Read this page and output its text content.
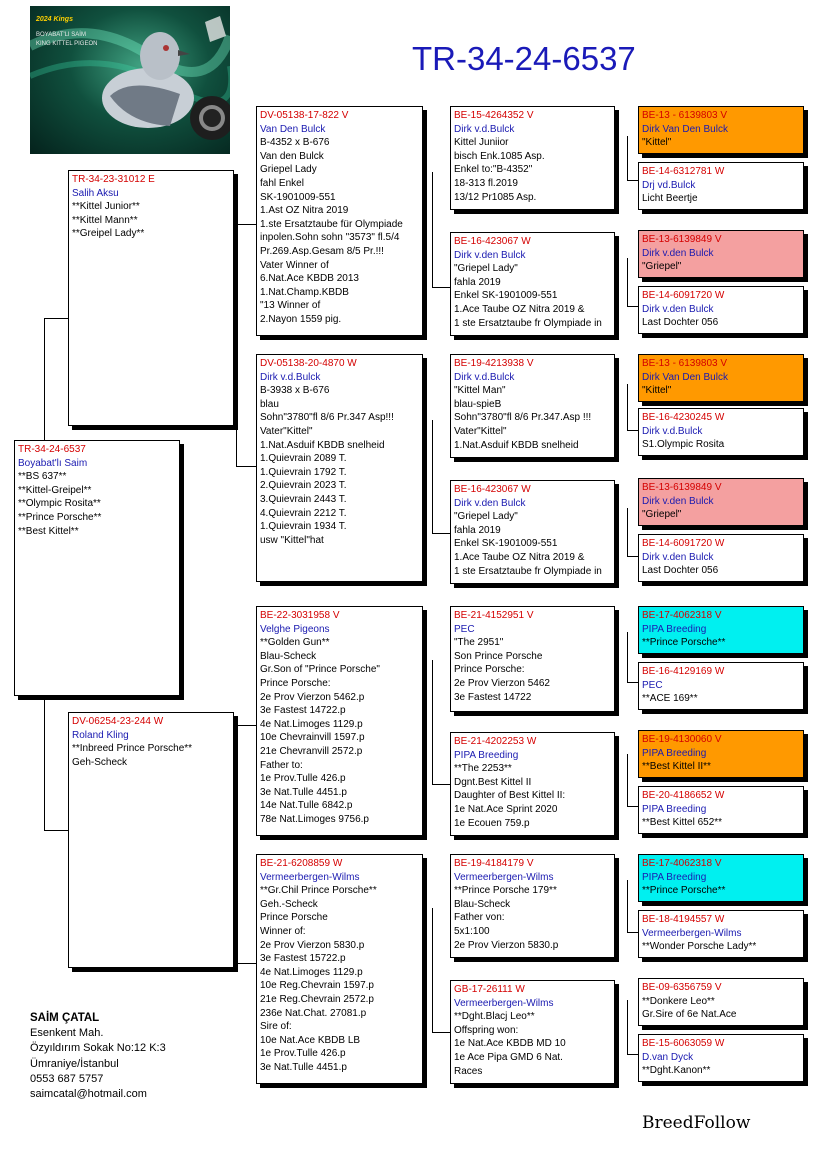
2024 Kings
BOYABAT'LI SAİM
KING KITTEL PIGEON	TR-34-24-6537
TR-34-24-6537
Boyabat'lı Saim
**BS 637**
**Kittel-Greipel**
**Olympic Rosita**
**Prince Porsche**
**Best Kittel**
TR-34-23-31012 E
Salih Aksu
**Kittel Junior**
**Kittel Mann**
**Greipel Lady**
DV-06254-23-244 W
Roland Kling
**Inbreed Prince Porsche**
Geh-Scheck
DV-05138-17-822 V
Van Den Bulck
B-4352 x B-676
Van den Bulck
Griepel Lady
fahl Enkel
SK-1901009-551
1.Ast OZ Nitra 2019
1.ste Ersatztaube für Olympiade
inpolen.Sohn sohn "3573" fl.5/4
Pr.269.Asp.Gesam 8/5 Pr.!!!
Vater Winner of
6.Nat.Ace KBDB 2013
1.Nat.Champ.KBDB
"13 Winner of
2.Nayon 1559 pig.
DV-05138-20-4870 W
Dirk v.d.Bulck
B-3938 x B-676
blau
Sohn"3780"fl 8/6 Pr.347 Asp!!!
Vater"Kittel"
1.Nat.Asduif KBDB snelheid
1.Quievrain 2089 T.
1.Quievrain 1792 T.
2.Quievrain 2023 T.
3.Quievrain 2443 T.
4.Quievrain 2212 T.
1.Quievrain 1934 T.
usw "Kittel"hat
BE-22-3031958 V
Velghe Pigeons
**Golden Gun**
Blau-Scheck
Gr.Son of "Prince Porsche"
Prince Porsche:
2e Prov Vierzon 5462.p
3e Fastest 14722.p
4e Nat.Limoges 1129.p
10e Chevrainvill 1597.p
21e Chevranvill 2572.p
Father to:
1e Prov.Tulle 426.p
3e Nat.Tulle 4451.p
14e Nat.Tulle 6842.p
78e Nat.Limoges 9756.p
BE-21-6208859 W
Vermeerbergen-Wilms
**Gr.Chil Prince Porsche**
Geh.-Scheck
Prince Porsche
Winner of:
2e Prov Vierzon 5830.p
3e Fastest 15722.p
4e Nat.Limoges 1129.p
10e Reg.Chevrain 1597.p
21e Reg.Chevrain 2572.p
236e Nat.Chat. 27081.p
Sire of:
10e Nat.Ace KBDB LB
1e Prov.Tulle 426.p
3e Nat.Tulle 4451.p
BE-15-4264352 V
Dirk v.d.Bulck
Kittel Juniior
bisch Enk.1085 Asp.
Enkel to:"B-4352"
18-313 fl.2019
13/12 Pr1085 Asp.
BE-16-423067 W
Dirk v.den Bulck
"Griepel Lady"
fahla 2019
Enkel SK-1901009-551
1.Ace Taube OZ Nitra 2019 &
1 ste Ersatztaube fr Olympiade in
BE-19-4213938 V
Dirk v.d.Bulck
"Kittel Man"
blau-spieB
Sohn"3780"fl 8/6 Pr.347.Asp !!!
Vater"Kittel"
1.Nat.Asduif KBDB snelheid
BE-16-423067 W
Dirk v.den Bulck
"Griepel Lady"
fahla 2019
Enkel SK-1901009-551
1.Ace Taube OZ Nitra 2019 &
1 ste Ersatztaube fr Olympiade in
BE-21-4152951 V
PEC
"The 2951"
Son Prince Porsche
Prince Porsche:
2e Prov Vierzon 5462
3e Fastest 14722
BE-21-4202253 W
PIPA Breeding
**The 2253**
Dgnt.Best Kittel II
Daughter of Best Kittel II:
1e Nat.Ace Sprint 2020
1e Ecouen 759.p
BE-19-4184179 V
Vermeerbergen-Wilms
**Prince Porsche 179**
Blau-Scheck
Father von:
5x1:100
2e Prov Vierzon 5830.p
GB-17-26111 W
Vermeerbergen-Wilms
**Dght.Blacj Leo**
Offspring won:
1e Nat.Ace KBDB MD 10
1e Ace Pipa GMD 6 Nat.
Races
BE-13 - 6139803 V
Dirk Van Den Bulck
"Kittel"
BE-14-6312781 W
Drj vd.Bulck
Licht Beertje
BE-13-6139849 V
Dirk v.den Bulck
"Griepel"
BE-14-6091720 W
Dirk v.den Bulck
Last Dochter 056
BE-13 - 6139803 V
Dirk Van Den Bulck
"Kittel"
BE-16-4230245 W
Dirk v.d.Bulck
S1.Olympic Rosita
BE-13-6139849 V
Dirk v.den Bulck
"Griepel"
BE-14-6091720 W
Dirk v.den Bulck
Last Dochter 056
BE-17-4062318 V
PIPA Breeding
**Prince Porsche**
BE-16-4129169 W
PEC
**ACE 169**
BE-19-4130060 V
PIPA Breeding
**Best Kittel II**
BE-20-4186652 W
PIPA Breeding
**Best Kittel 652**
BE-17-4062318 V
PIPA Breeding
**Prince Porsche**
BE-18-4194557 W
Vermeerbergen-Wilms
**Wonder Porsche Lady**
BE-09-6356759 V
**Donkere Leo**
Gr.Sire of 6e Nat.Ace
BE-15-6063059 W
D.van Dyck
**Dght.Kanon**
SAİM ÇATAL
Esenkent Mah.
Özyıldırım Sokak No:12 K:3
Ümraniye/İstanbul
0553 687 5757
saimcatal@hotmail.com
BreedFollow
